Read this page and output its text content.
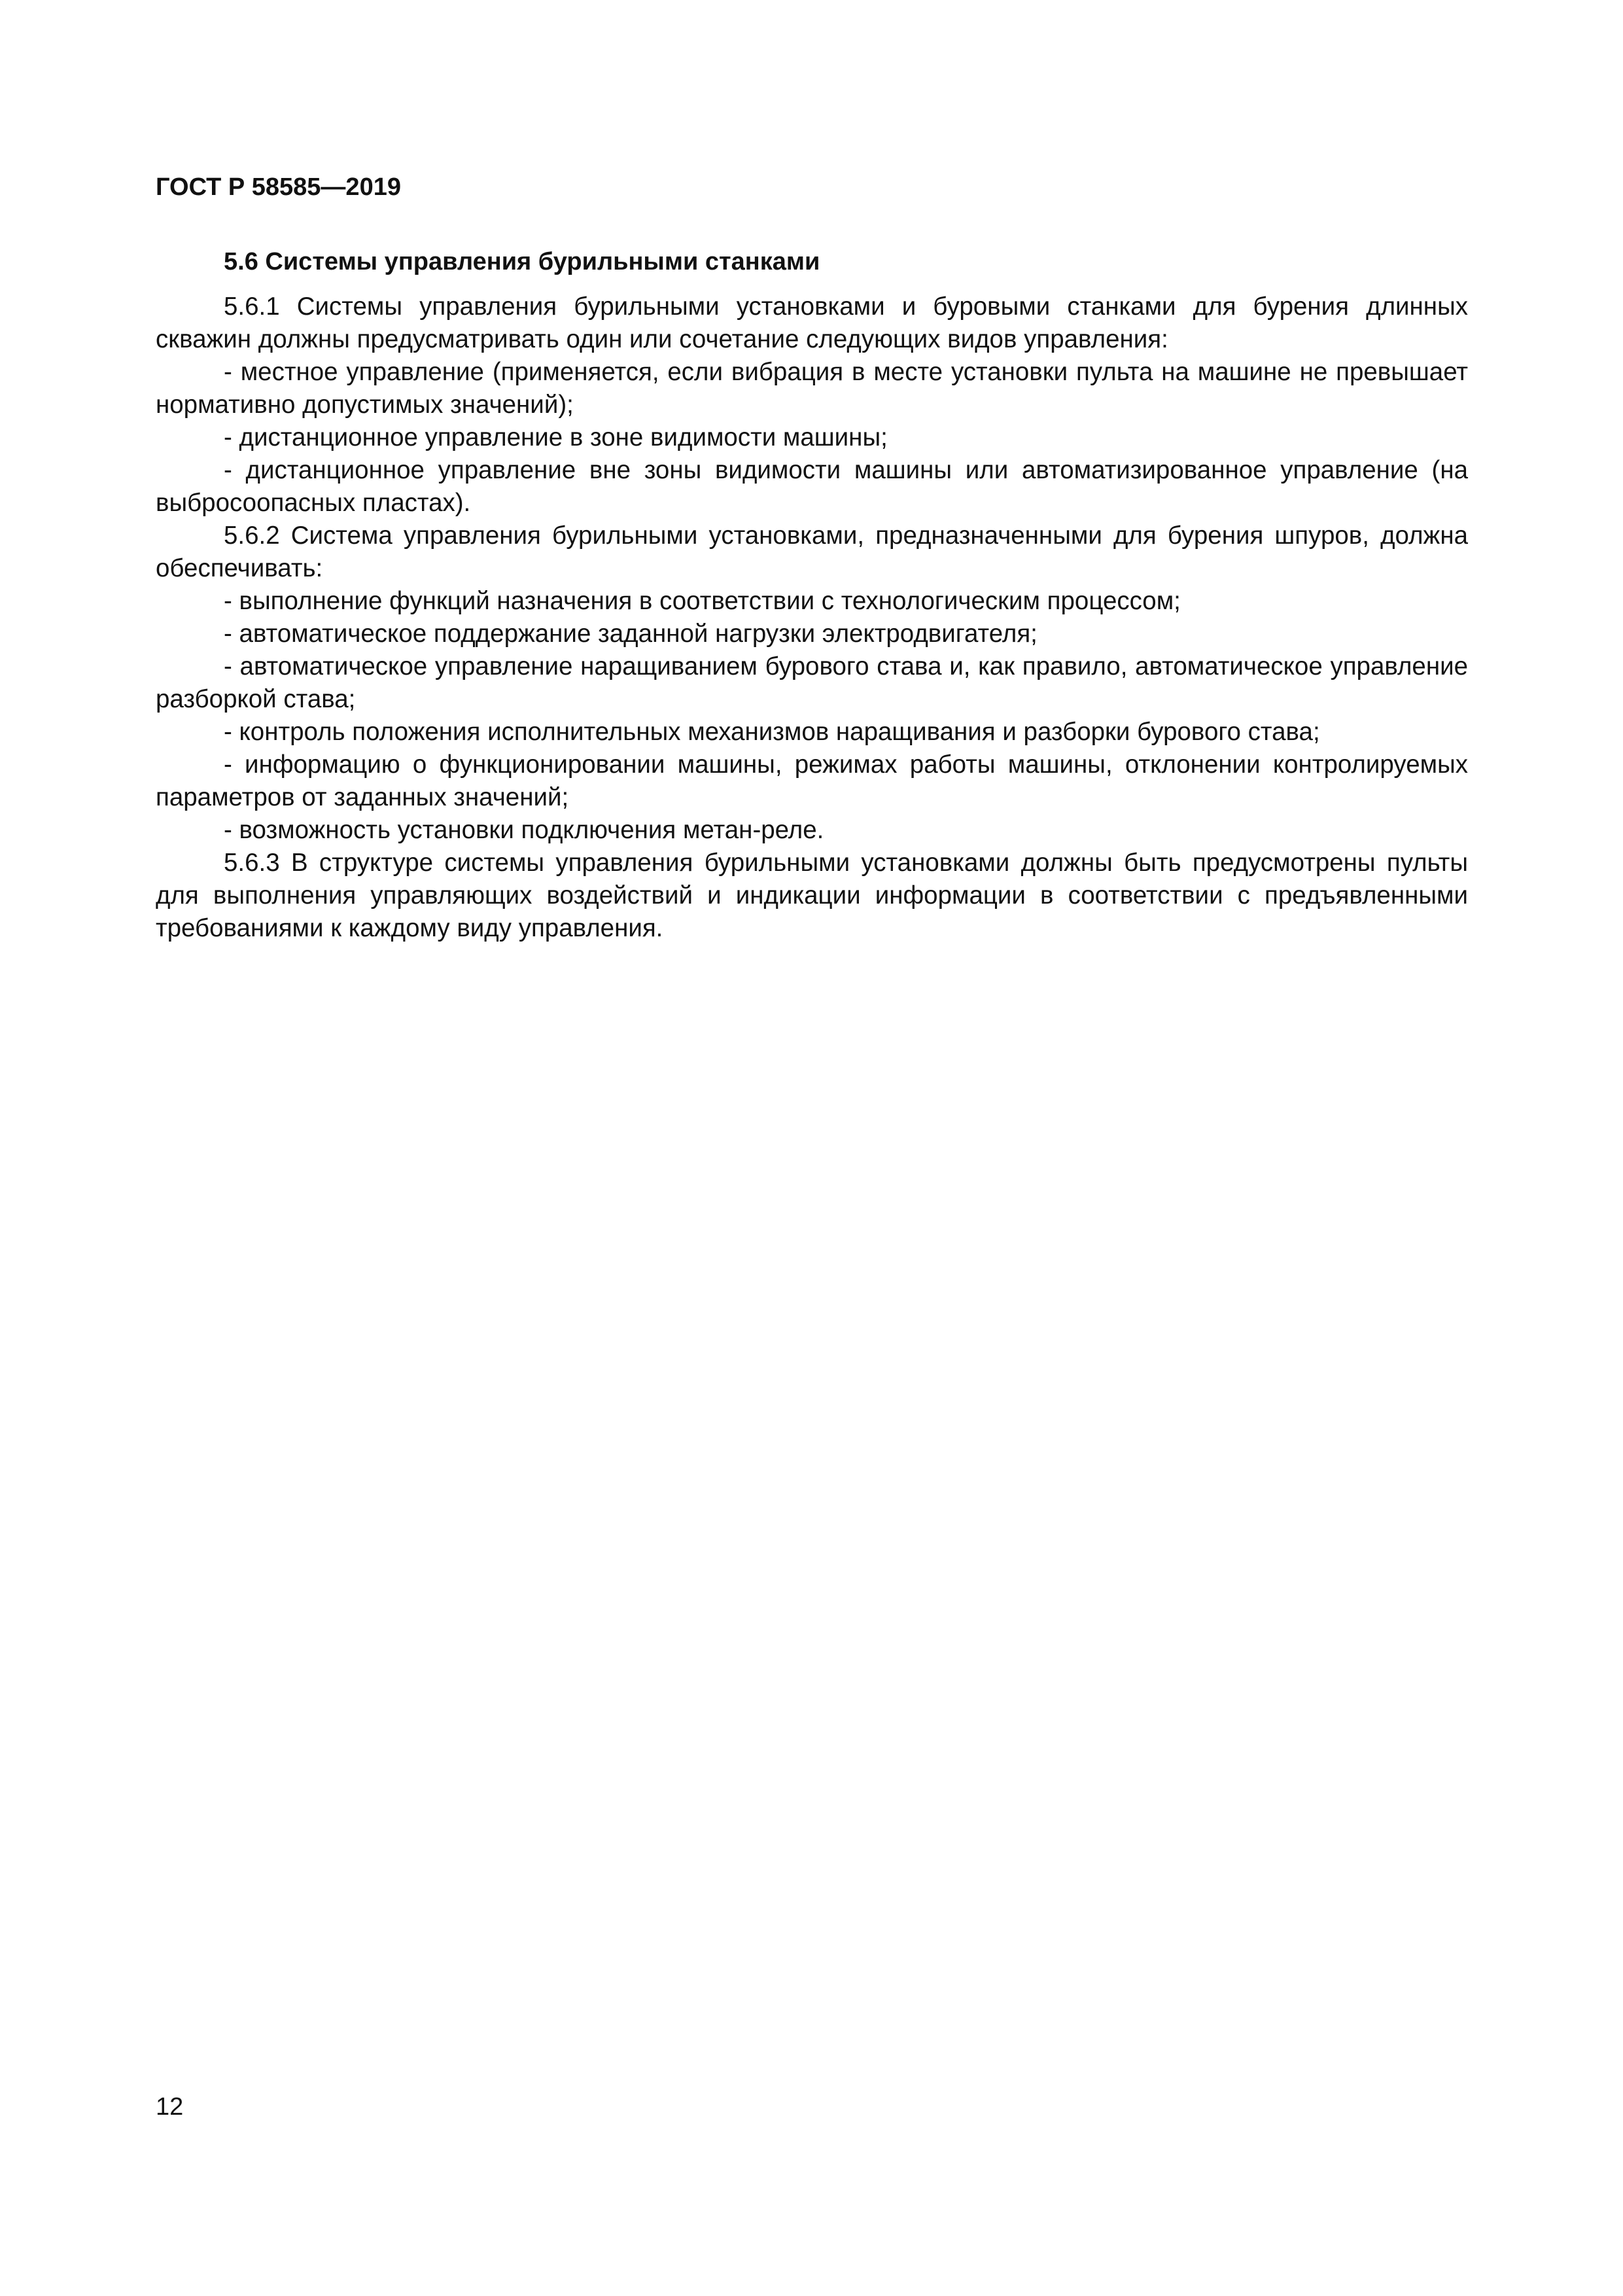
ГОСТ Р 58585—2019

5.6 Системы управления бурильными станками

5.6.1 Системы управления бурильными установками и буровыми станками для бурения длинных скважин должны предусматривать один или сочетание следующих видов управления:

- местное управление (применяется, если вибрация в месте установки пульта на машине не превышает нормативно допустимых значений);

- дистанционное управление в зоне видимости машины;

- дистанционное управление вне зоны видимости машины или автоматизированное управление (на выбросоопасных пластах).

5.6.2 Система управления бурильными установками, предназначенными для бурения шпуров, должна обеспечивать:

- выполнение функций назначения в соответствии с технологическим процессом;

- автоматическое поддержание заданной нагрузки электродвигателя;

- автоматическое управление наращиванием бурового става и, как правило, автоматическое управление разборкой става;

- контроль положения исполнительных механизмов наращивания и разборки бурового става;

- информацию о функционировании машины, режимах работы машины, отклонении контролируемых параметров от заданных значений;

- возможность установки подключения метан-реле.

5.6.3 В структуре системы управления бурильными установками должны быть предусмотрены пульты для выполнения управляющих воздействий и индикации информации в соответствии с предъявленными требованиями к каждому виду управления.

12
